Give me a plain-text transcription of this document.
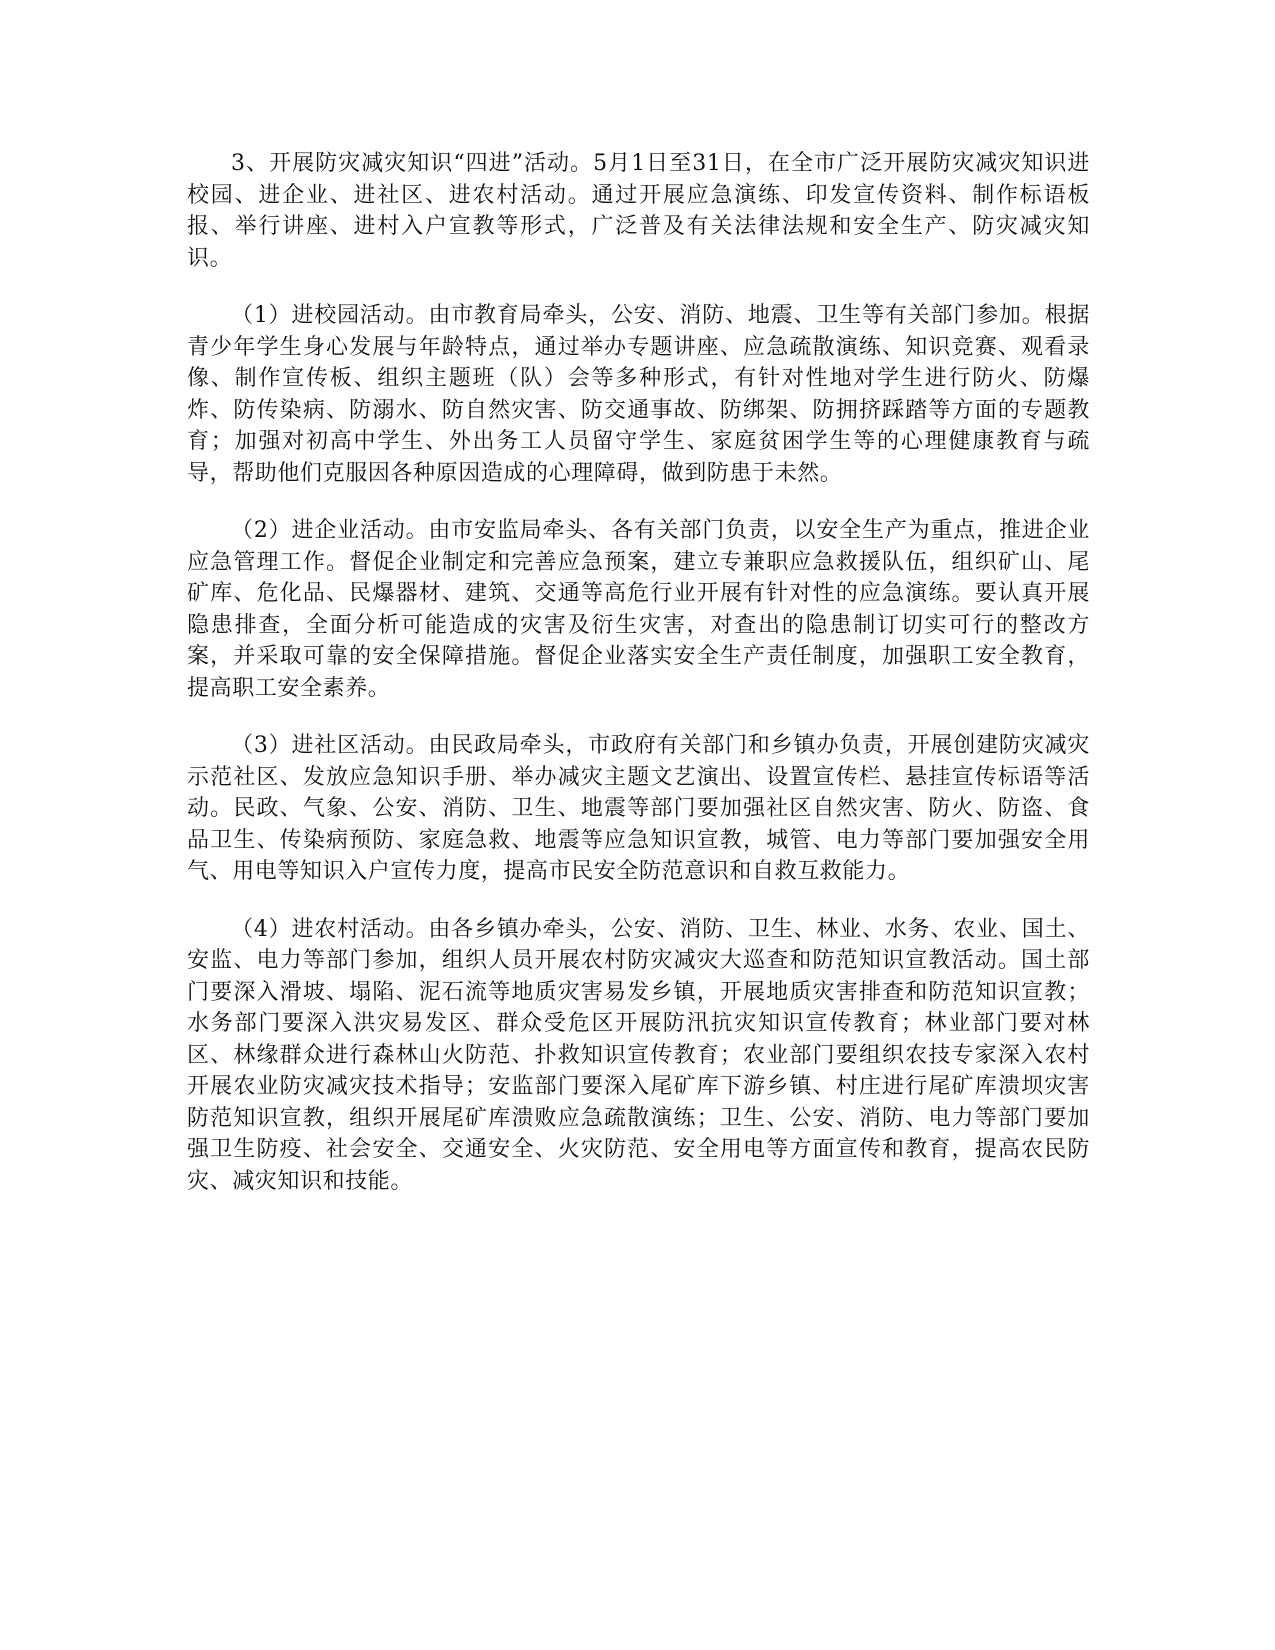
3、开展防灾减灾知识“四进”活动。5月1日至31日，在全市广泛开展防灾减灾知识进校园、进企业、进社区、进农村活动。通过开展应急演练、印发宣传资料、制作标语板报、举行讲座、进村入户宣教等形式，广泛普及有关法律法规和安全生产、防灾减灾知识。

（1）进校园活动。由市教育局牵头，公安、消防、地震、卫生等有关部门参加。根据青少年学生身心发展与年龄特点，通过举办专题讲座、应急疏散演练、知识竞赛、观看录像、制作宣传板、组织主题班（队）会等多种形式，有针对性地对学生进行防火、防爆炸、防传染病、防溺水、防自然灾害、防交通事故、防绑架、防拥挤踩踏等方面的专题教育；加强对初高中学生、外出务工人员留守学生、家庭贫困学生等的心理健康教育与疏导，帮助他们克服因各种原因造成的心理障碍，做到防患于未然。

（2）进企业活动。由市安监局牵头、各有关部门负责，以安全生产为重点，推进企业应急管理工作。督促企业制定和完善应急预案，建立专兼职应急救援队伍，组织矿山、尾矿库、危化品、民爆器材、建筑、交通等高危行业开展有针对性的应急演练。要认真开展隐患排查，全面分析可能造成的灾害及衍生灾害，对查出的隐患制订切实可行的整改方案，并采取可靠的安全保障措施。督促企业落实安全生产责任制度，加强职工安全教育，提高职工安全素养。

（3）进社区活动。由民政局牵头，市政府有关部门和乡镇办负责，开展创建防灾减灾示范社区、发放应急知识手册、举办减灾主题文艺演出、设置宣传栏、悬挂宣传标语等活动。民政、气象、公安、消防、卫生、地震等部门要加强社区自然灾害、防火、防盗、食品卫生、传染病预防、家庭急救、地震等应急知识宣教，城管、电力等部门要加强安全用气、用电等知识入户宣传力度，提高市民安全防范意识和自救互救能力。

（4）进农村活动。由各乡镇办牵头，公安、消防、卫生、林业、水务、农业、国土、安监、电力等部门参加，组织人员开展农村防灾减灾大巡查和防范知识宣教活动。国土部门要深入滑坡、塌陷、泥石流等地质灾害易发乡镇，开展地质灾害排查和防范知识宣教；水务部门要深入洪灾易发区、群众受危区开展防汛抗灾知识宣传教育；林业部门要对林区、林缘群众进行森林山火防范、扑救知识宣传教育；农业部门要组织农技专家深入农村开展农业防灾减灾技术指导；安监部门要深入尾矿库下游乡镇、村庄进行尾矿库溃坝灾害防范知识宣教，组织开展尾矿库溃败应急疏散演练；卫生、公安、消防、电力等部门要加强卫生防疫、社会安全、交通安全、火灾防范、安全用电等方面宣传和教育，提高农民防灾、减灾知识和技能。
